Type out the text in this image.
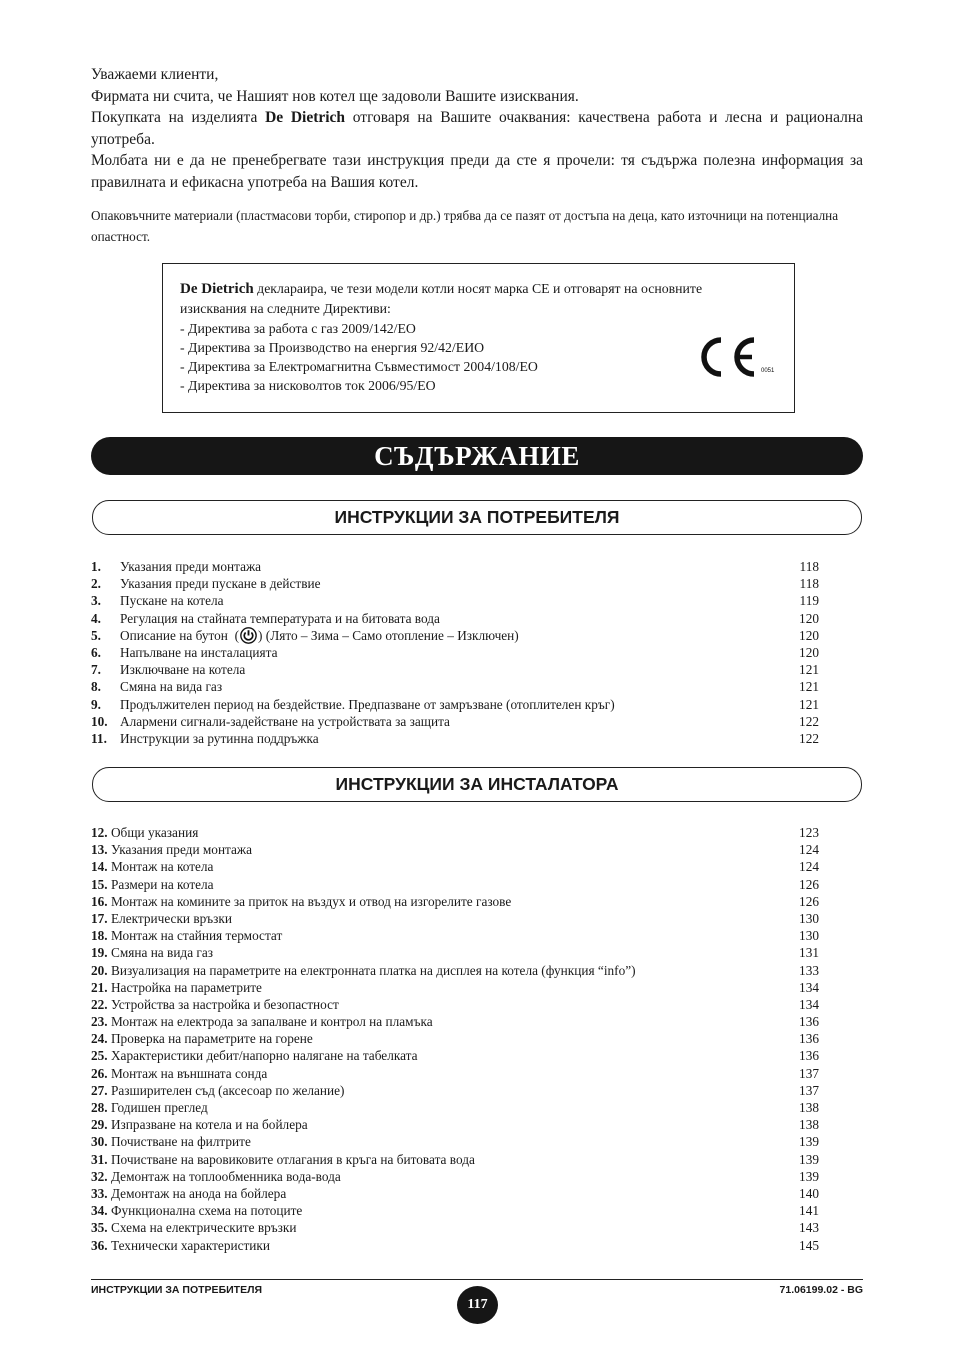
Уважаеми клиенти,

Фирмата ни счита, че Нашият нов котел ще задоволи Вашите изисквания.

Покупката на изделията De Dietrich отговаря на Вашите очаквания: качествена работа и лесна и рационална употреба.

Молбата ни е да не пренебрегвате тази инструкция преди да сте я прочели: тя съдържа полезна информация за правилната и ефикасна употреба на Вашия котел.

Опаковъчните материали (пластмасови торби, стиропор и др.) трябва да се пазят от достъпа на деца, като източници на потенциална опастност.

De Dietrich деклараира, че тези модели котли носят марка CE и отговарят на основните
изисквания на следните Директиви:
- Директива за работа с газ 2009/142/ЕО
- Директива за Производство на енергия 92/42/ЕИО
- Директива за Електромагнитна Съвместимост 2004/108/ЕО
- Директива за нисковолтов ток 2006/95/ЕО
0051
СЪДЪРЖАНИЕ
ИНСТРУКЦИИ ЗА ПОТРЕБИТЕЛЯ
1. Указания преди монтажа	118
2. Указания преди пускане в действие	118
3. Пускане на котела	119
4. Регулация на стайната температурата и на битовата вода	120
5. Описание на бутон  ( ) (Лято – Зима – Само отопление – Изключен)	120
6. Напълване на инсталацията	120
7. Изключване на котела	121
8. Смяна на вида газ	121
9. Продължителен период на бездействие. Предпазване от замръзване (отоплителен кръг)	121
10. Алармени сигнали-задействане на устройствата за защита	122
11. Инструкции за рутинна поддръжка	122
ИНСТРУКЦИИ ЗА ИНСТАЛАТОРА
12. Общи указания	123
13. Указания преди монтажа	124
14. Монтаж на котела	124
15. Размери на котела	126
16. Монтаж на комините за приток на въздух и отвод на изгорелите газове	126
17. Електрически връзки	130
18. Монтаж на стайния термостат	130
19. Смяна на вида газ	131
20. Визуализация на параметрите на електронната платка на дисплея на котела (функция “info”)	133
21. Настройка на параметрите	134
22. Устройства за настройка и безопастност	134
23. Монтаж на електрода за запалване и контрол на пламъка	136
24. Проверка на параметрите на горене	136
25. Характеристики дебит/напорно налягане на табелката	136
26. Монтаж на външната сонда	137
27. Разширителен съд (аксесоар по желание)	137
28. Годишен преглед	138
29. Изпразване на котела и на бойлера	138
30. Почистване на филтрите	139
31. Почистване на варовиковите отлагания в кръга на битовата вода	139
32. Демонтаж на топлообменника вода-вода	139
33. Демонтаж на анода на бойлера	140
34. Функционална схема на потоците	141
35. Схема на електрическите връзки	143
36. Технически характеристики	145
ИНСТРУКЦИИ ЗА ПОТРЕБИТЕЛЯ
117
71.06199.02 - BG
